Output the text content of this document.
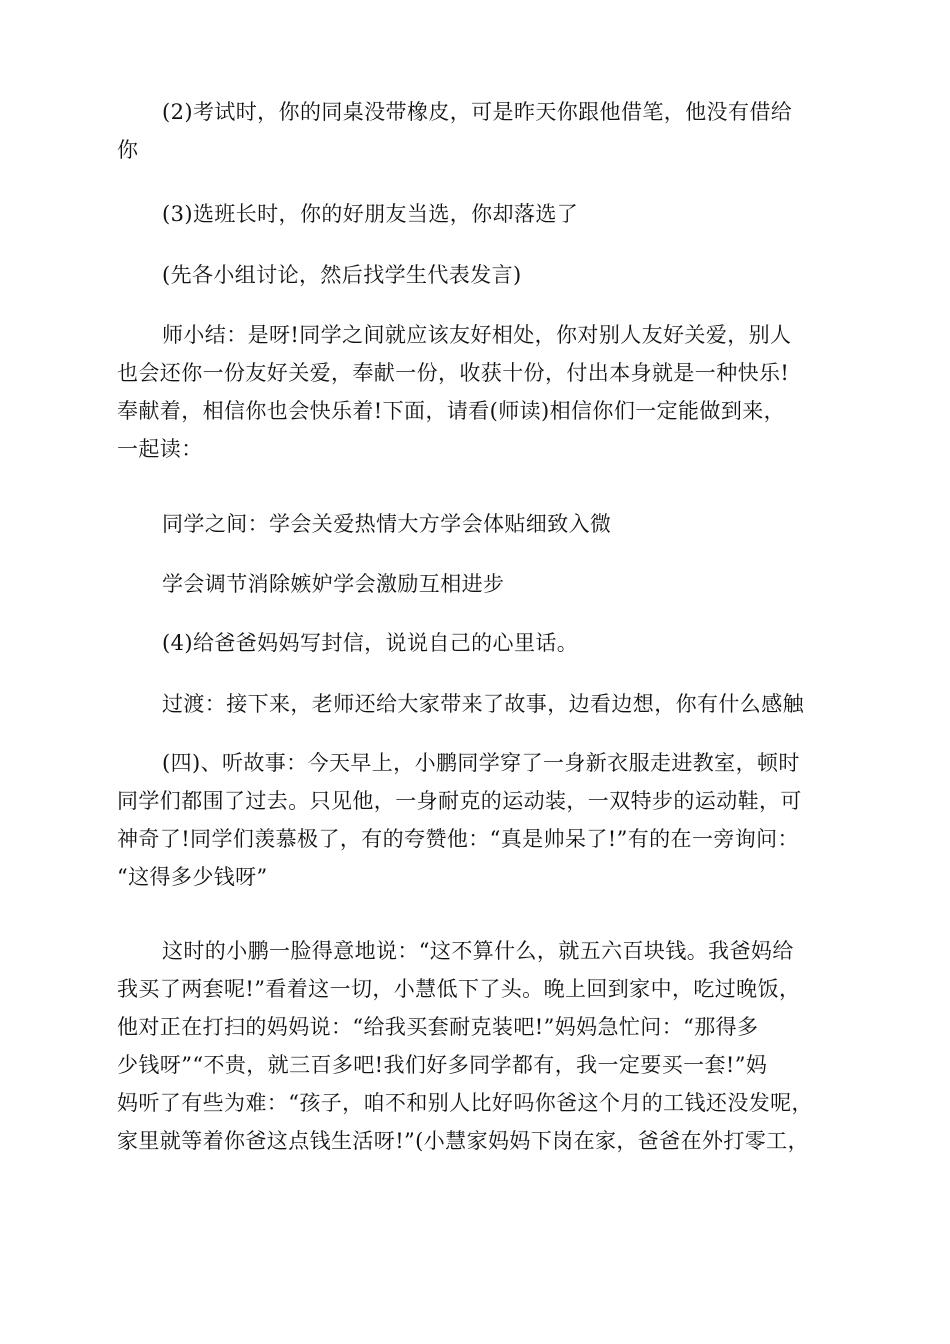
(2)考试时，你的同桌没带橡皮，可是昨天你跟他借笔，他没有借给
你

(3)选班长时，你的好朋友当选，你却落选了

(先各小组讨论，然后找学生代表发言)

师小结：是呀!同学之间就应该友好相处，你对别人友好关爱，别人
也会还你一份友好关爱，奉献一份，收获十份，付出本身就是一种快乐!
奉献着，相信你也会快乐着!下面，请看(师读)相信你们一定能做到来，
一起读：

同学之间：学会关爱热情大方学会体贴细致入微

学会调节消除嫉妒学会激励互相进步

(4)给爸爸妈妈写封信，说说自己的心里话。

过渡：接下来，老师还给大家带来了故事，边看边想，你有什么感触

(四)、听故事：今天早上，小鹏同学穿了一身新衣服走进教室，顿时
同学们都围了过去。只见他，一身耐克的运动装，一双特步的运动鞋，可
神奇了!同学们羡慕极了，有的夸赞他：“真是帅呆了!”有的在一旁询问：
“这得多少钱呀”

这时的小鹏一脸得意地说：“这不算什么，就五六百块钱。我爸妈给
我买了两套呢!”看着这一切，小慧低下了头。晚上回到家中，吃过晚饭，
他对正在打扫的妈妈说：“给我买套耐克装吧!”妈妈急忙问：“那得多
少钱呀”“不贵，就三百多吧!我们好多同学都有，我一定要买一套!”妈
妈听了有些为难：“孩子，咱不和别人比好吗你爸这个月的工钱还没发呢，
家里就等着你爸这点钱生活呀!”(小慧家妈妈下岗在家，爸爸在外打零工，
